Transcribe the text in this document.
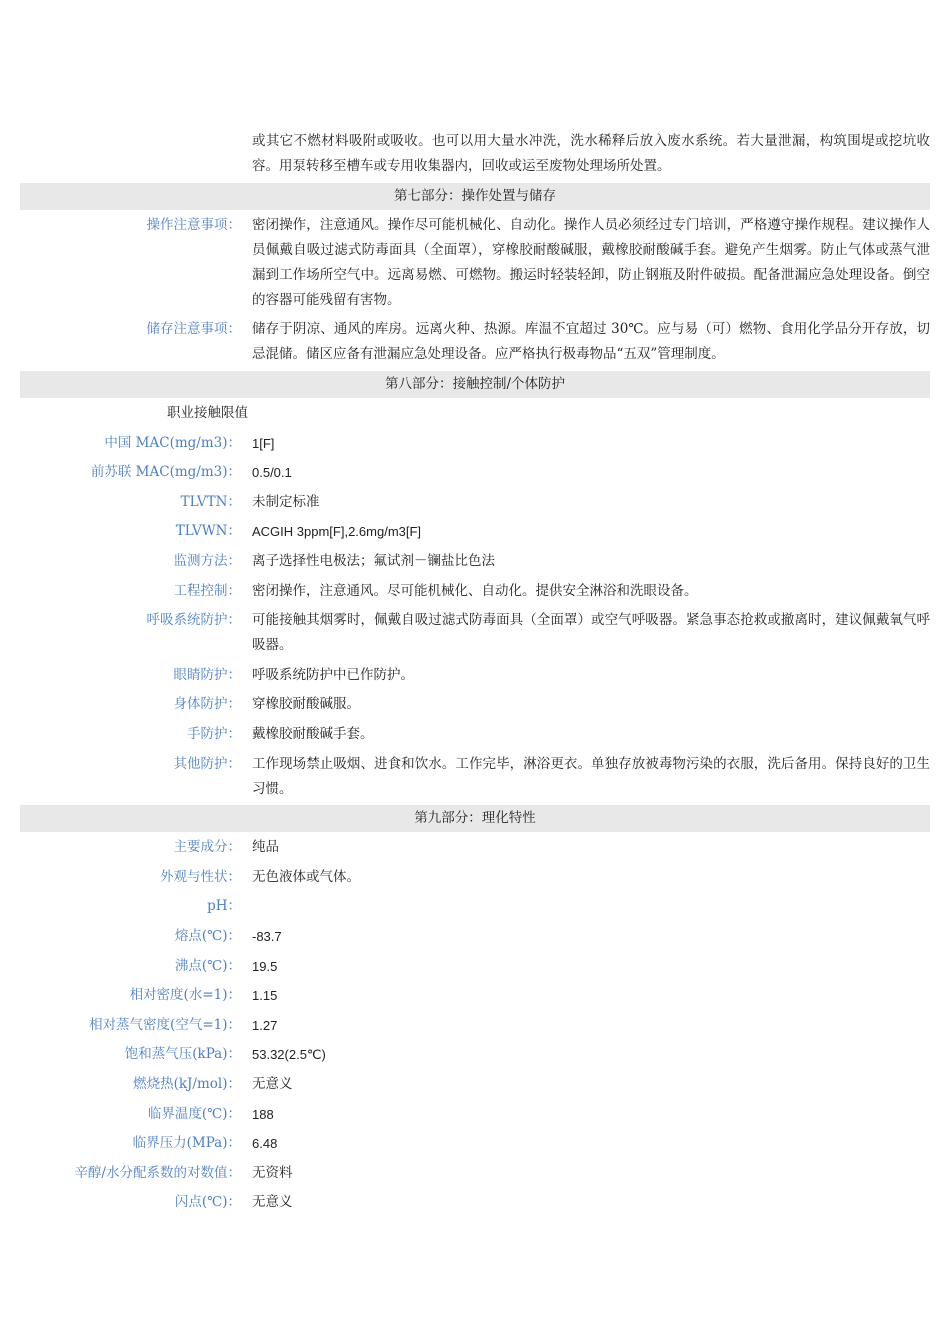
或其它不燃材料吸附或吸收。也可以用大量水冲洗，洗水稀释后放入废水系统。若大量泄漏，构筑围堤或挖坑收容。用泵转移至槽车或专用收集器内，回收或运至废物处理场所处置。
第七部分：操作处置与储存
操作注意事项： 密闭操作，注意通风。操作尽可能机械化、自动化。操作人员必须经过专门培训，严格遵守操作规程。建议操作人员佩戴自吸过滤式防毒面具（全面罩），穿橡胶耐酸碱服，戴橡胶耐酸碱手套。避免产生烟雾。防止气体或蒸气泄漏到工作场所空气中。远离易燃、可燃物。搬运时轻装轻卸，防止钢瓶及附件破损。配备泄漏应急处理设备。倒空的容器可能残留有害物。
储存注意事项： 储存于阴凉、通风的库房。远离火种、热源。库温不宜超过 30℃。应与易（可）燃物、食用化学品分开存放，切忌混储。储区应备有泄漏应急处理设备。应严格执行极毒物品“五双”管理制度。
第八部分：接触控制/个体防护
职业接触限值
中国 MAC(mg/m3)： 1[F]
前苏联 MAC(mg/m3)： 0.5/0.1
TLVTN： 未制定标准
TLVWN： ACGIH 3ppm[F],2.6mg/m3[F]
监测方法： 离子选择性电极法；氟试剂－镧盐比色法
工程控制： 密闭操作，注意通风。尽可能机械化、自动化。提供安全淋浴和洗眼设备。
呼吸系统防护： 可能接触其烟雾时，佩戴自吸过滤式防毒面具（全面罩）或空气呼吸器。紧急事态抢救或撤离时，建议佩戴氧气呼吸器。
眼睛防护： 呼吸系统防护中已作防护。
身体防护： 穿橡胶耐酸碱服。
手防护： 戴橡胶耐酸碱手套。
其他防护： 工作现场禁止吸烟、进食和饮水。工作完毕，淋浴更衣。单独存放被毒物污染的衣服，洗后备用。保持良好的卫生习惯。
第九部分：理化特性
主要成分： 纯品
外观与性状： 无色液体或气体。
pH：
熔点(℃)： -83.7
沸点(℃)： 19.5
相对密度(水=1)： 1.15
相对蒸气密度(空气=1)： 1.27
饱和蒸气压(kPa)： 53.32(2.5℃)
燃烧热(kJ/mol)： 无意义
临界温度(℃)： 188
临界压力(MPa)： 6.48
辛醇/水分配系数的对数值： 无资料
闪点(℃)： 无意义
